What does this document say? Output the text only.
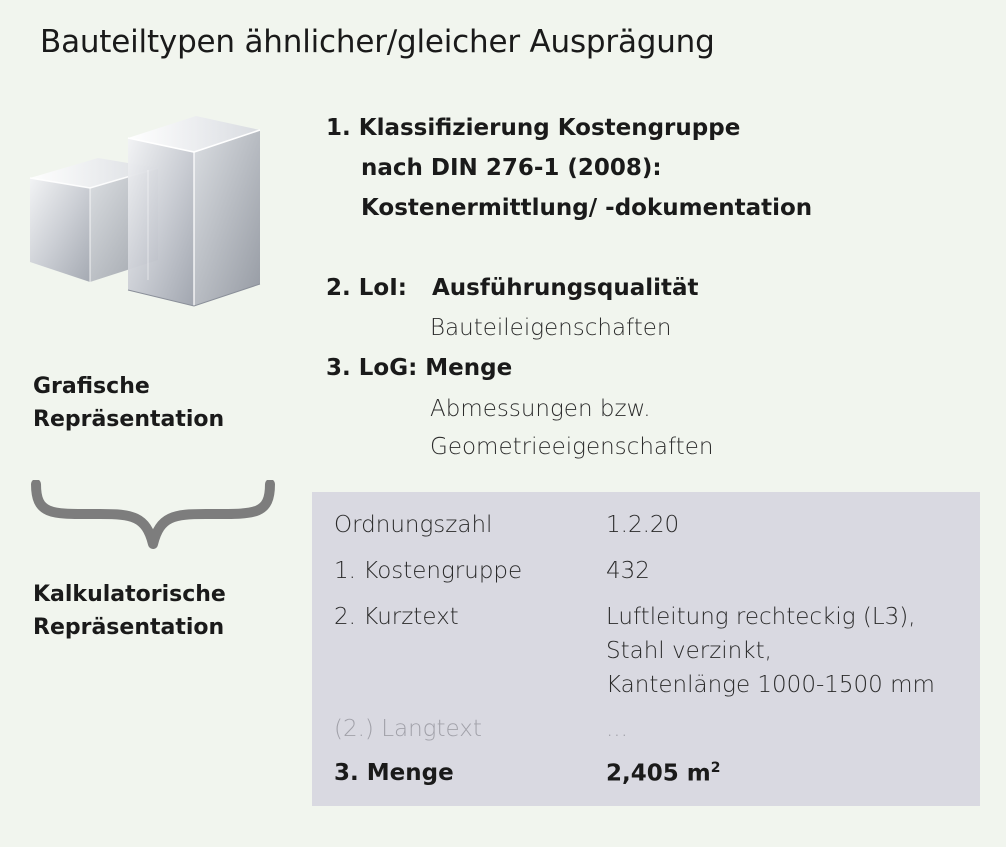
Bauteiltypen ähnlicher/gleicher Ausprägung
Grafische
Repräsentation
Kalkulatorische
Repräsentation
1. Klassifizierung Kostengruppe
nach DIN 276-1 (2008):
Kostenermittlung/ -dokumentation
2. LoI: Ausführungsqualität
Bauteileigenschaften
3. LoG: Menge
Abmessungen bzw.
Geometrieeigenschaften
Ordnungszahl	1.2.20
1. Kostengruppe	432
2. Kurztext	Luftleitung rechteckig (L3),
Stahl verzinkt,
Kantenlänge 1000-1500 mm
(2.) Langtext	...
3. Menge	2,405 $m^2$
